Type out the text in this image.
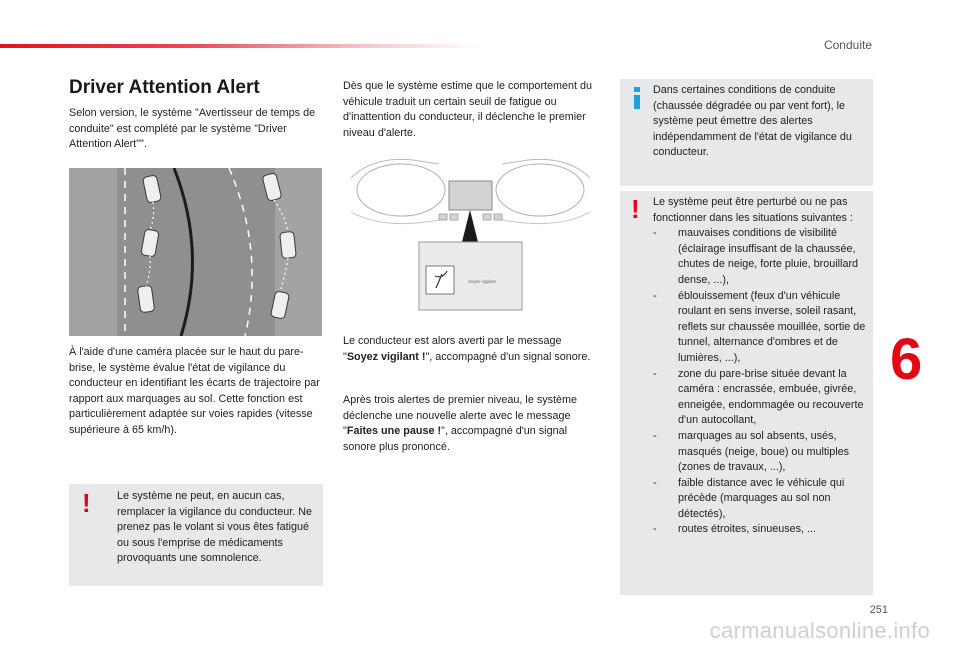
Conduite
Driver Attention Alert

Selon version, le système "Avertisseur de temps de conduite" est complété par le système "Driver Attention Alert"".

À l'aide d'une caméra placée sur le haut du pare-brise, le système évalue l'état de vigilance du conducteur en identifiant les écarts de trajectoire par rapport aux marquages au sol. Cette fonction est particulièrement adaptée sur voies rapides (vitesse supérieure à 65 km/h).

! Le système ne peut, en aucun cas, remplacer la vigilance du conducteur. Ne prenez pas le volant si vous êtes fatigué ou sous l'emprise de médicaments provoquants une somnolence.

Dès que le système estime que le comportement du véhicule traduit un certain seuil de fatigue ou d'inattention du conducteur, il déclenche le premier niveau d'alerte.

Soyez vigilant

Le conducteur est alors averti par le message "Soyez vigilant !", accompagné d'un signal sonore.

Après trois alertes de premier niveau, le système déclenche une nouvelle alerte avec le message "Faites une pause !", accompagné d'un signal sonore plus prononcé.

Dans certaines conditions de conduite (chaussée dégradée ou par vent fort), le système peut émettre des alertes indépendamment de l'état de vigilance du conducteur.

! Le système peut être perturbé ou ne pas fonctionner dans les situations suivantes :

- mauvaises conditions de visibilité (éclairage insuffisant de la chaussée, chutes de neige, forte pluie, brouillard dense, ...),
- éblouissement (feux d'un véhicule roulant en sens inverse, soleil rasant, reflets sur chaussée mouillée, sortie de tunnel, alternance d'ombres et de lumières, ...),
- zone du pare-brise située devant la caméra : encrassée, embuée, givrée, enneigée, endommagée ou recouverte d'un autocollant,
- marquages au sol absents, usés, masqués (neige, boue) ou multiples (zones de travaux, ...),
- faible distance avec le véhicule qui précède (marquages au sol non détectés),
- routes étroites, sinueuses, ...
6
251
carmanualsonline.info
